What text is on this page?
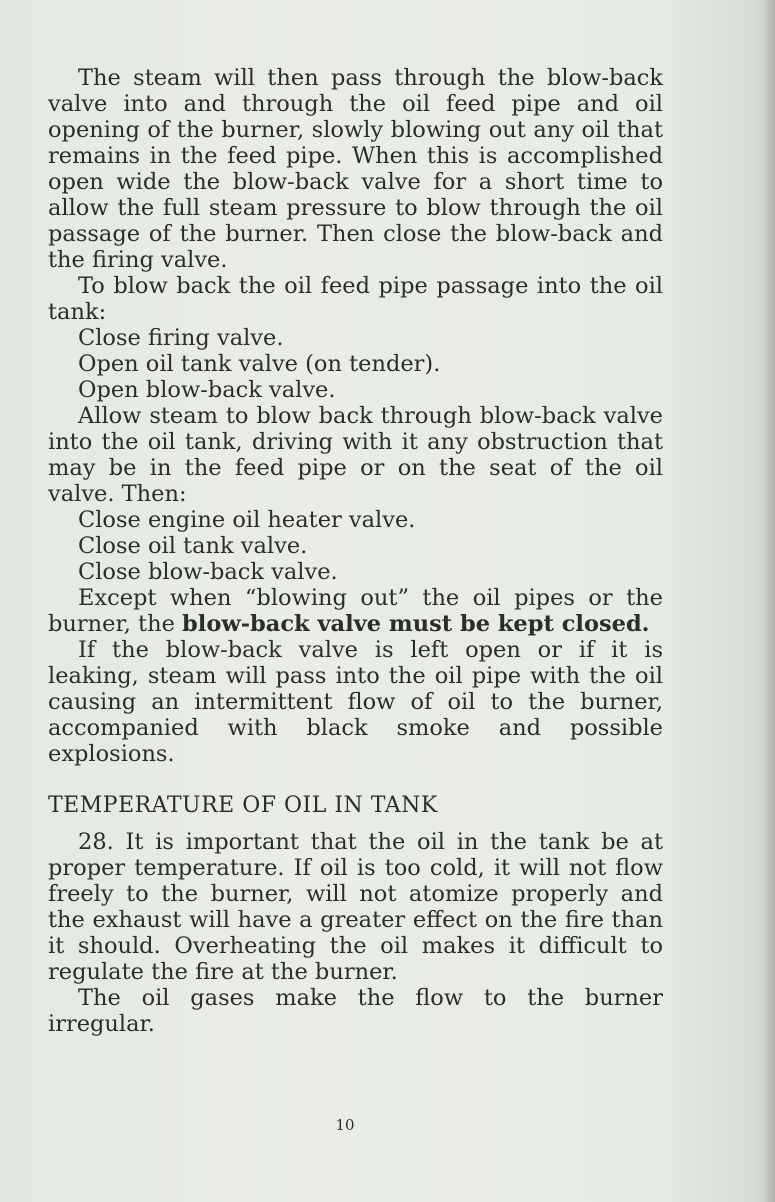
The steam will then pass through the blow-back valve into and through the oil feed pipe and oil opening of the burner, slowly blowing out any oil that remains in the feed pipe. When this is accomplished open wide the blow-back valve for a short time to allow the full steam pressure to blow through the oil passage of the burner. Then close the blow-back and the firing valve.

To blow back the oil feed pipe passage into the oil tank:

Close firing valve.

Open oil tank valve (on tender).

Open blow-back valve.

Allow steam to blow back through blow-back valve into the oil tank, driving with it any obstruction that may be in the feed pipe or on the seat of the oil valve. Then:

Close engine oil heater valve.

Close oil tank valve.

Close blow-back valve.

Except when “blowing out” the oil pipes or the burner, the blow-back valve must be kept closed.

If the blow-back valve is left open or if it is leaking, steam will pass into the oil pipe with the oil causing an intermittent flow of oil to the burner, accompanied with black smoke and possible explosions.

TEMPERATURE OF OIL IN TANK

28. It is important that the oil in the tank be at proper temperature. If oil is too cold, it will not flow freely to the burner, will not atomize properly and the exhaust will have a greater effect on the fire than it should. Overheating the oil makes it difficult to regulate the fire at the burner.

The oil gases make the flow to the burner irregular.

10
